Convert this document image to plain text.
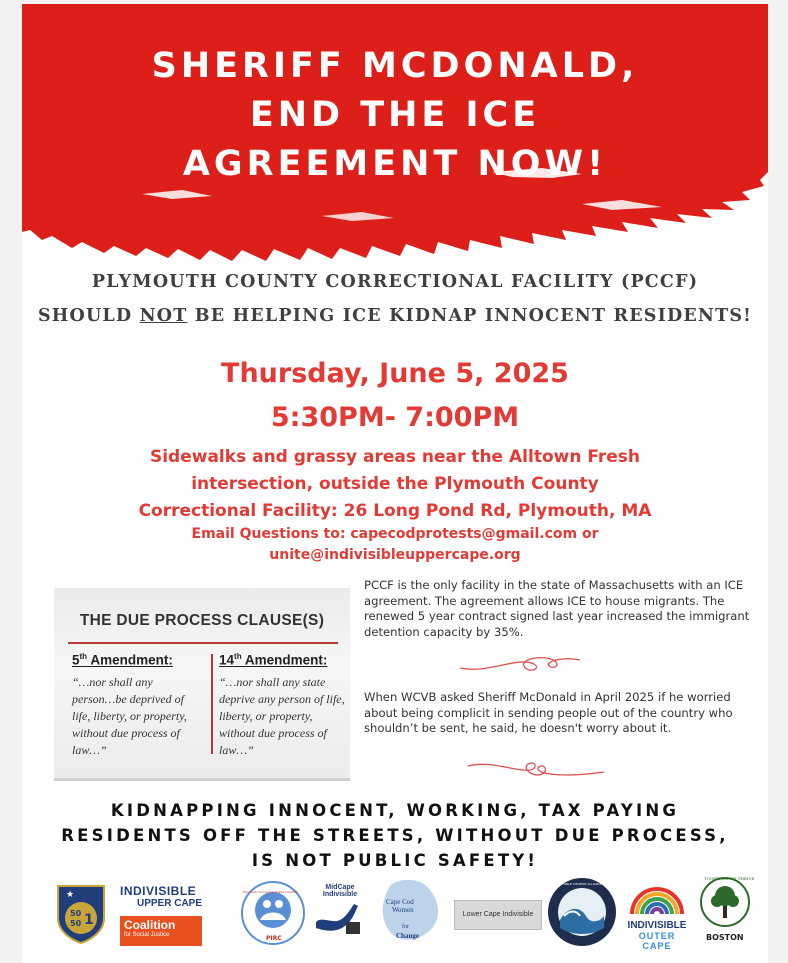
SHERIFF MCDONALD,
END THE ICE
AGREEMENT NOW!
PLYMOUTH COUNTY CORRECTIONAL FACILITY (PCCF)
SHOULD NOT BE HELPING ICE KIDNAP INNOCENT RESIDENTS!
Thursday, June 5, 2025
5:30PM- 7:00PM
Sidewalks and grassy areas near the Alltown Fresh
intersection, outside the Plymouth County
Correctional Facility: 26 Long Pond Rd, Plymouth, MA
Email Questions to: capecodprotests@gmail.com or
unite@indivisibleuppercape.org
THE DUE PROCESS CLAUSE(S)
5th Amendment:

“…nor shall any
person…be deprived of
life, liberty, or property,
without due process of
law…”

14th Amendment:

“…nor shall any state
deprive any person of life,
liberty, or property,
without due process of
law…”

PCCF is the only facility in the state of Massachusetts with an ICE agreement. The agreement allows ICE to house migrants. The renewed 5 year contract signed last year increased the immigrant detention capacity by 35%.
When WCVB asked Sheriff McDonald in April 2025 if he worried about being complicit in sending people out of the country who shouldn’t be sent, he said, he doesn't worry about it.
KIDNAPPING INNOCENT, WORKING, TAX PAYING
RESIDENTS OFF THE STREETS, WITHOUT DUE PROCESS,
IS NOT PUBLIC SAFETY!
★
50
50 1
INDIVISIBLE
UPPER CAPE
Coalition
for Social Justice	PIRC
Plymouth Immigrant Rights Coalition
MidCape
Indivisible
Cape Cod
Women
for
Change
Lower Cape Indivisible
BARNSTABLE CITIZENS ALLIANCE · CAPE COD, MASSACHUSETTS
INDIVISIBLE
OUTER CAPE
TOGETHER WE THRIVE
BOSTON
